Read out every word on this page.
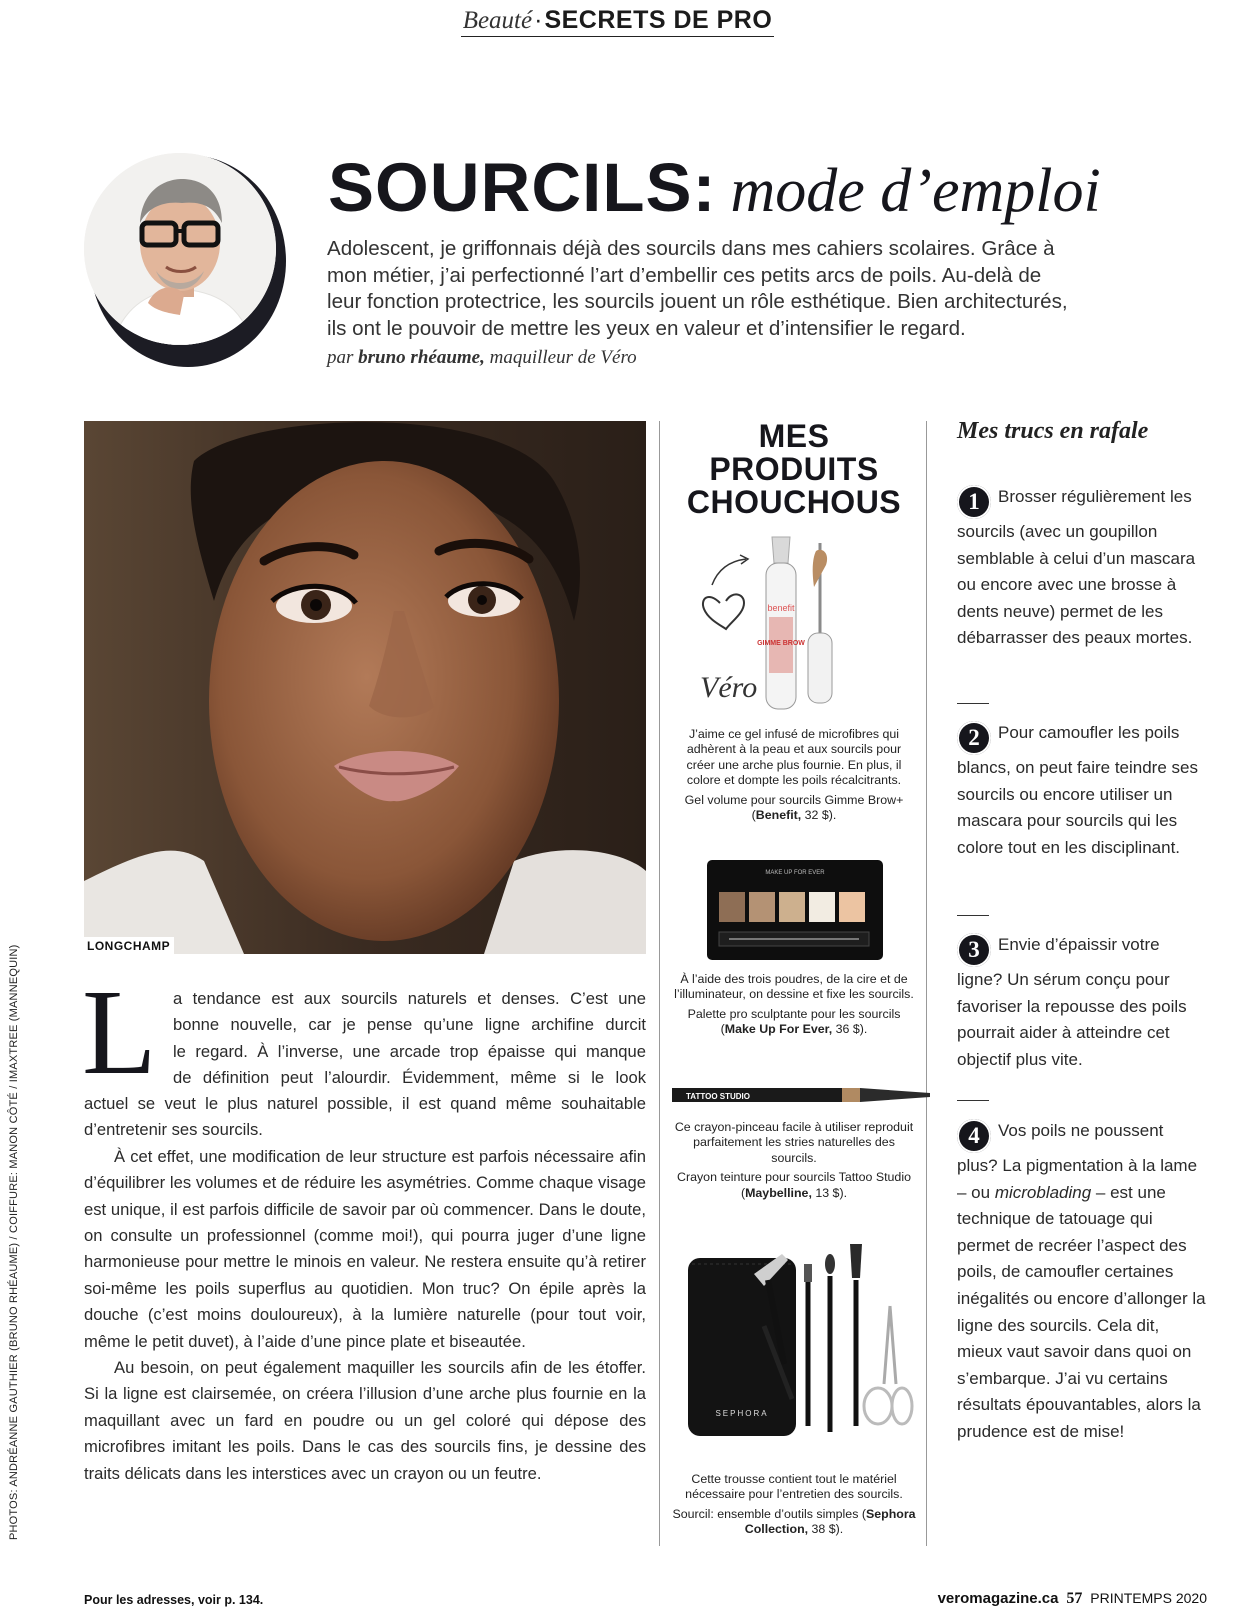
Beauté·SECRETS DE PRO
SOURCILS: mode d’emploi
Adolescent, je griffonnais déjà des sourcils dans mes cahiers scolaires. Grâce à
mon métier, j’ai perfectionné l’art d’embellir ces petits arcs de poils. Au-delà de
leur fonction protectrice, les sourcils jouent un rôle esthétique. Bien architecturés,
ils ont le pouvoir de mettre les yeux en valeur et d’intensifier le regard.
par bruno rhéaume, maquilleur de Véro
LONGCHAMP
PHOTOS: ANDRÉANNE GAUTHIER (BRUNO RHÉAUME) / COIFFURE: MANON CÔTÉ / IMAXTREE (MANNEQUIN) L a tendance est aux sourcils naturels et denses. C’est une
bonne nouvelle, car je pense qu’une ligne archifine durcit
le regard. À l’inverse, une arcade trop épaisse qui manque
de définition peut l’alourdir. Évidemment, même si le look

actuel se veut le plus naturel possible, il est quand même souhaitable d’entretenir ses sourcils.

À cet effet, une modification de leur structure est parfois nécessaire afin d’équilibrer les volumes et de réduire les asymétries. Comme chaque visage est unique, il est parfois difficile de savoir par où commencer. Dans le doute, on consulte un professionnel (comme moi!), qui pourra juger d’une ligne harmonieuse pour mettre le minois en valeur. Ne restera ensuite qu’à retirer soi-même les poils superflus au quotidien. Mon truc? On épile après la douche (c’est moins douloureux), à la lumière naturelle (pour tout voir, même le petit duvet), à l’aide d’une pince plate et biseautée.

Au besoin, on peut également maquiller les sourcils afin de les étoffer. Si la ligne est clairsemée, on créera l’illusion d’une arche plus fournie en la maquillant avec un fard en poudre ou un gel coloré qui dépose des microfibres imitant les poils. Dans le cas des sourcils fins, je dessine des traits délicats dans les interstices avec un crayon ou un feutre.

MES
PRODUITS
CHOUCHOUS
Véro
benefit
GIMME BROW
J’aime ce gel infusé de microfibres qui adhèrent à la peau et aux sourcils pour créer une arche plus fournie. En plus, il colore et dompte les poils récalcitrants.
Gel volume pour sourcils Gimme Brow+ (Benefit, 32 $).
MAKE UP FOR EVER
À l’aide des trois poudres, de la cire et de l’illuminateur, on dessine et fixe les sourcils.
Palette pro sculptante pour les sourcils (Make Up For Ever, 36 $).
TATTOO STUDIO
Ce crayon-pinceau facile à utiliser reproduit parfaitement les stries naturelles des sourcils.
Crayon teinture pour sourcils Tattoo Studio (Maybelline, 13 $).
SEPHORA
Cette trousse contient tout le matériel nécessaire pour l’entretien des sourcils.
Sourcil: ensemble d’outils simples (Sephora Collection, 38 $).
Mes trucs en rafale
1 Brosser régulièrement les sourcils (avec un goupillon semblable à celui d’un mascara ou encore avec une brosse à dents neuve) permet de les débarrasser des peaux mortes.
2 Pour camoufler les poils blancs, on peut faire teindre ses sourcils ou encore utiliser un mascara pour sourcils qui les colore tout en les disciplinant.
3 Envie d’épaissir votre ligne? Un sérum conçu pour favoriser la repousse des poils pourrait aider à atteindre cet objectif plus vite.
4 Vos poils ne poussent plus? La pigmentation à la lame – ou microblading – est une technique de tatouage qui permet de recréer l’aspect des poils, de camoufler certaines inégalités ou encore d’allonger la ligne des sourcils. Cela dit, mieux vaut savoir dans quoi on s’embarque. J’ai vu certains résultats épouvantables, alors la prudence est de mise!
Pour les adresses, voir p. 134.	veromagazine.ca 57 PRINTEMPS 2020
